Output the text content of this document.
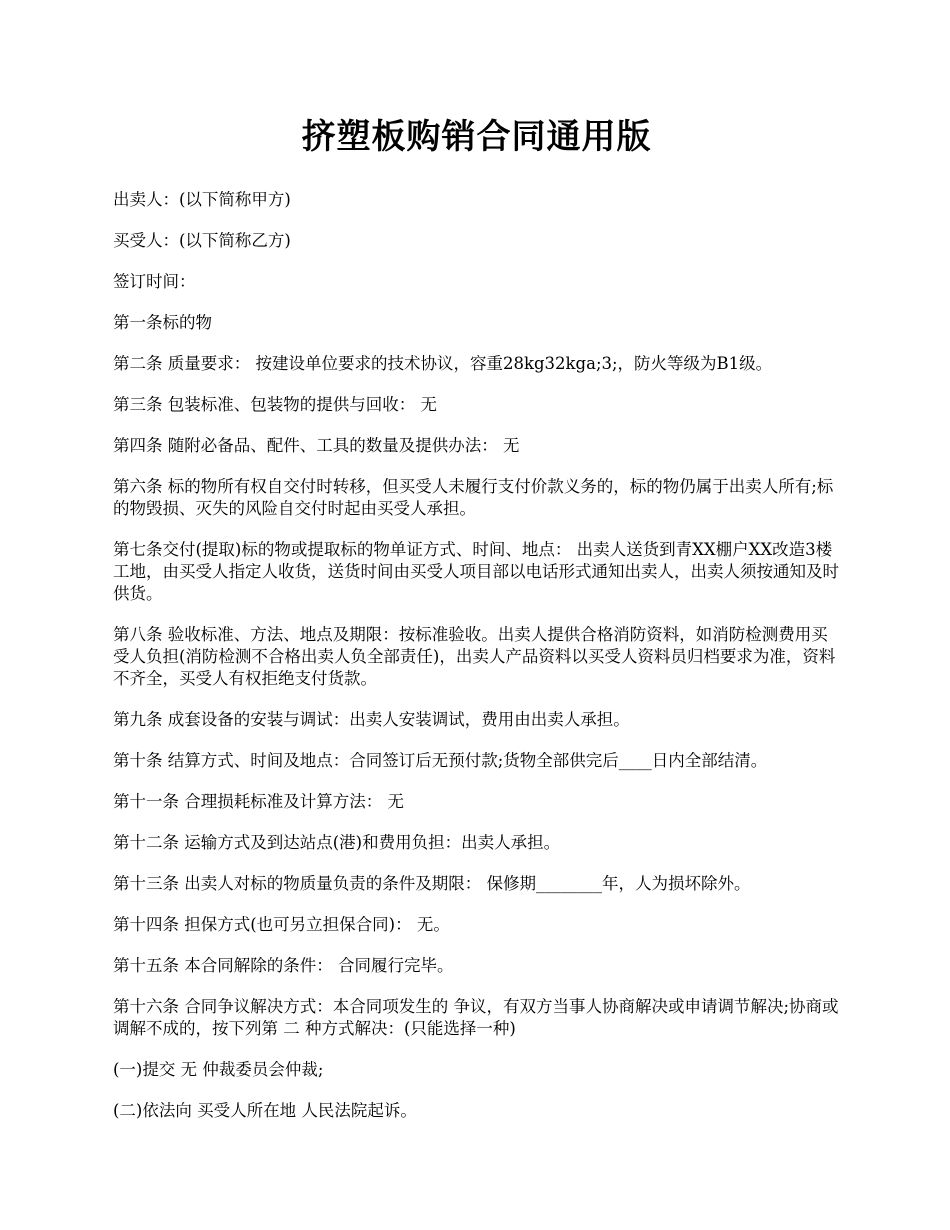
挤塑板购销合同通用版

出卖人：(以下简称甲方)

买受人：(以下简称乙方)

签订时间：

第一条标的物

第二条 质量要求： 按建设单位要求的技术协议，容重28kg32kga;3;，防火等级为B1级。

第三条 包装标准、包装物的提供与回收： 无

第四条 随附必备品、配件、工具的数量及提供办法： 无

第六条 标的物所有权自交付时转移，但买受人未履行支付价款义务的，标的物仍属于出卖人所有;标的物毁损、灭失的风险自交付时起由买受人承担。

第七条交付(提取)标的物或提取标的物单证方式、时间、地点： 出卖人送货到青XX棚户XX改造3楼工地，由买受人指定人收货，送货时间由买受人项目部以电话形式通知出卖人，出卖人须按通知及时供货。

第八条 验收标准、方法、地点及期限：按标准验收。出卖人提供合格消防资料，如消防检测费用买受人负担(消防检测不合格出卖人负全部责任)，出卖人产品资料以买受人资料员归档要求为准，资料不齐全，买受人有权拒绝支付货款。

第九条 成套设备的安装与调试：出卖人安装调试，费用由出卖人承担。

第十条 结算方式、时间及地点：合同签订后无预付款;货物全部供完后____日内全部结清。

第十一条 合理损耗标准及计算方法： 无

第十二条 运输方式及到达站点(港)和费用负担：出卖人承担。

第十三条 出卖人对标的物质量负责的条件及期限： 保修期________年，人为损坏除外。

第十四条 担保方式(也可另立担保合同)： 无。

第十五条 本合同解除的条件： 合同履行完毕。

第十六条 合同争议解决方式：本合同项发生的 争议，有双方当事人协商解决或申请调节解决;协商或调解不成的，按下列第 二 种方式解决：(只能选择一种)

(一)提交 无 仲裁委员会仲裁;

(二)依法向 买受人所在地 人民法院起诉。
